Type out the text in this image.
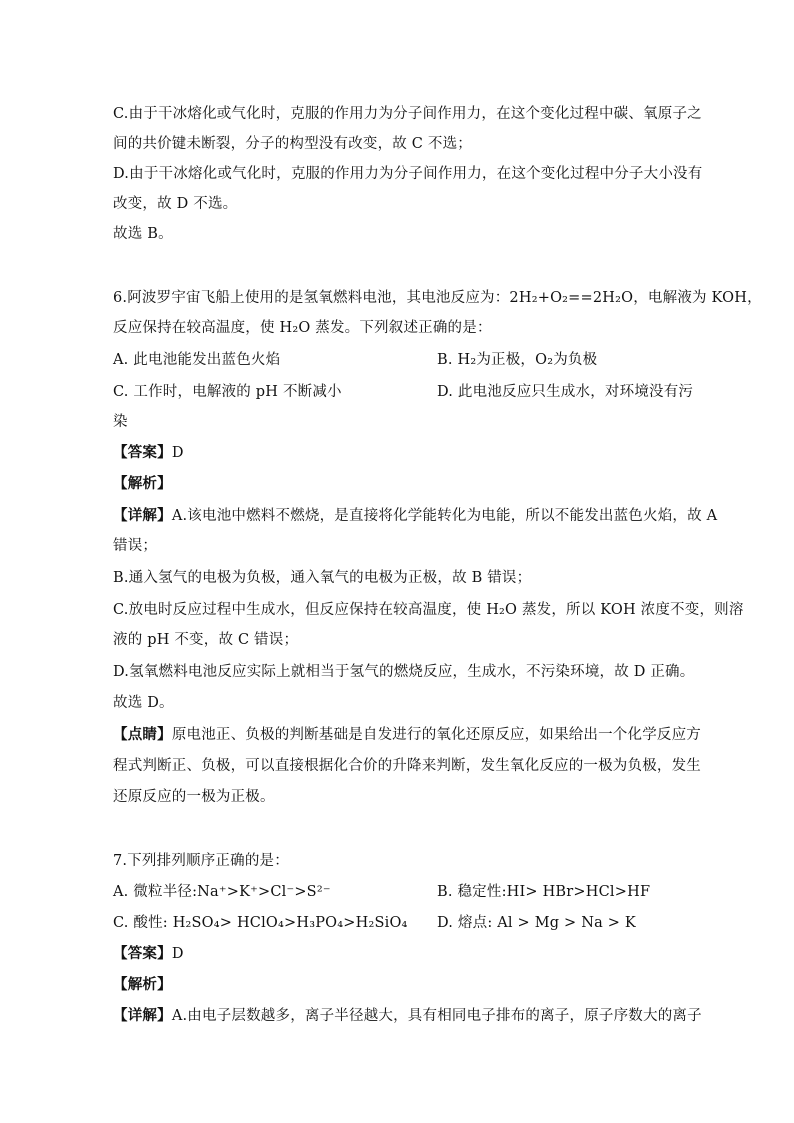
C.由于干冰熔化或气化时，克服的作用力为分子间作用力，在这个变化过程中碳、氧原子之
间的共价键未断裂，分子的构型没有改变，故 C 不选；
D.由于干冰熔化或气化时，克服的作用力为分子间作用力，在这个变化过程中分子大小没有
改变，故 D 不选。
故选 B。
6.阿波罗宇宙飞船上使用的是氢氧燃料电池，其电池反应为：2H₂+O₂==2H₂O，电解液为 KOH，
反应保持在较高温度，使 H₂O 蒸发。下列叙述正确的是：
A. 此电池能发出蓝色火焰	B. H₂为正极，O₂为负极
C. 工作时，电解液的 pH 不断减小	D. 此电池反应只生成水，对环境没有污
染
【答案】D
【解析】
【详解】A.该电池中燃料不燃烧，是直接将化学能转化为电能，所以不能发出蓝色火焰，故 A
错误；
B.通入氢气的电极为负极，通入氧气的电极为正极，故 B 错误；
C.放电时反应过程中生成水，但反应保持在较高温度，使 H₂O 蒸发，所以 KOH 浓度不变，则溶
液的 pH 不变，故 C 错误；
D.氢氧燃料电池反应实际上就相当于氢气的燃烧反应，生成水，不污染环境，故 D 正确。
故选 D。
【点睛】原电池正、负极的判断基础是自发进行的氧化还原反应，如果给出一个化学反应方
程式判断正、负极，可以直接根据化合价的升降来判断，发生氧化反应的一极为负极，发生
还原反应的一极为正极。
7.下列排列顺序正确的是：
A. 微粒半径:Na⁺>K⁺>Cl⁻>S²⁻	B. 稳定性:HI> HBr>HCl>HF
C. 酸性: H₂SO₄> HClO₄>H₃PO₄>H₂SiO₄	D. 熔点: Al > Mg > Na > K
【答案】D
【解析】
【详解】A.由电子层数越多，离子半径越大，具有相同电子排布的离子，原子序数大的离子
